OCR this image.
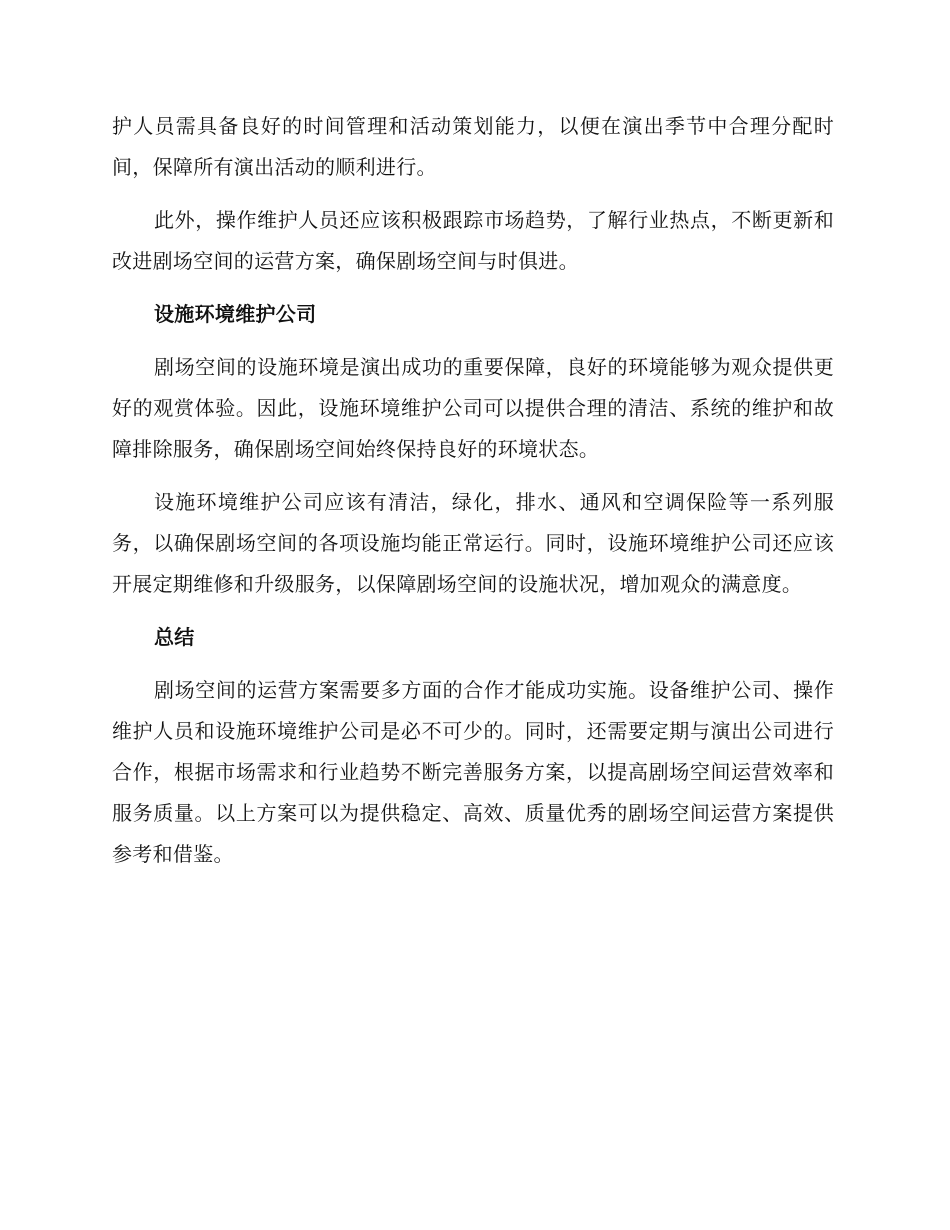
护人员需具备良好的时间管理和活动策划能力，以便在演出季节中合理分配时间，保障所有演出活动的顺利进行。

此外，操作维护人员还应该积极跟踪市场趋势，了解行业热点，不断更新和改进剧场空间的运营方案，确保剧场空间与时俱进。

设施环境维护公司

剧场空间的设施环境是演出成功的重要保障，良好的环境能够为观众提供更好的观赏体验。因此，设施环境维护公司可以提供合理的清洁、系统的维护和故障排除服务，确保剧场空间始终保持良好的环境状态。

设施环境维护公司应该有清洁，绿化，排水、通风和空调保险等一系列服务，以确保剧场空间的各项设施均能正常运行。同时，设施环境维护公司还应该开展定期维修和升级服务，以保障剧场空间的设施状况，增加观众的满意度。

总结

剧场空间的运营方案需要多方面的合作才能成功实施。设备维护公司、操作维护人员和设施环境维护公司是必不可少的。同时，还需要定期与演出公司进行合作，根据市场需求和行业趋势不断完善服务方案，以提高剧场空间运营效率和服务质量。以上方案可以为提供稳定、高效、质量优秀的剧场空间运营方案提供参考和借鉴。
